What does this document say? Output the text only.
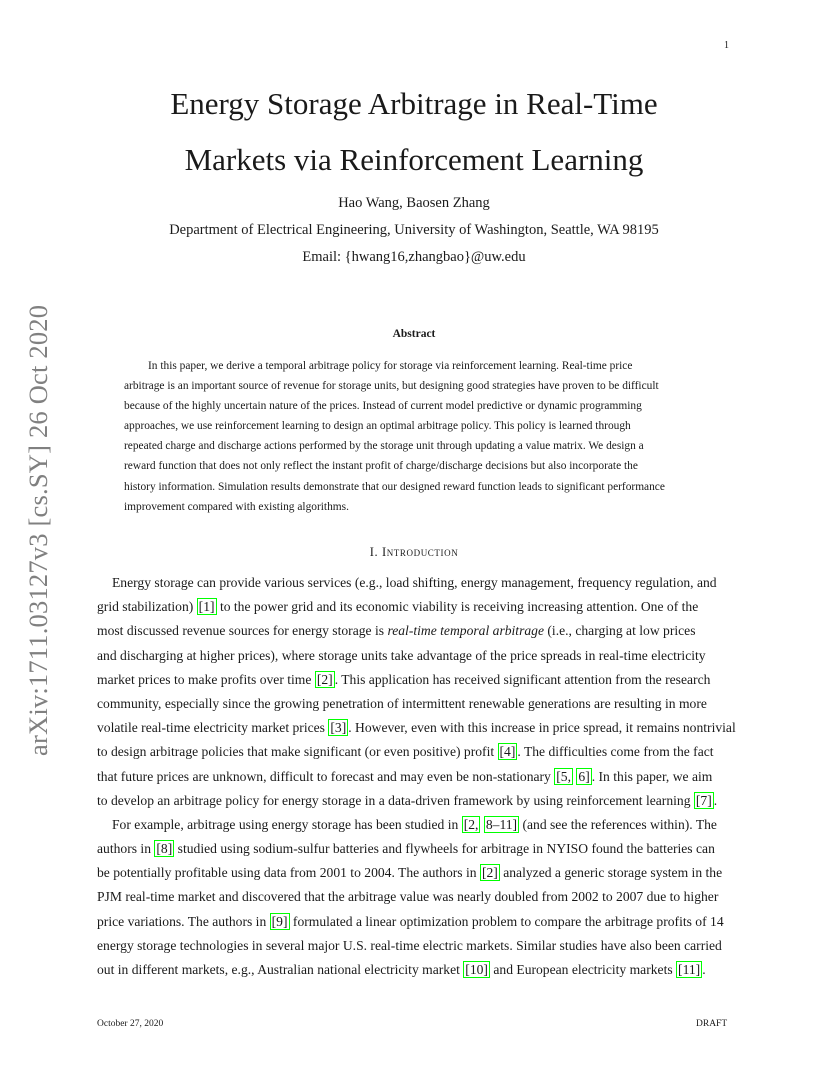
1
arXiv:1711.03127v3 [cs.SY] 26 Oct 2020
Energy Storage Arbitrage in Real-Time
Markets via Reinforcement Learning
Hao Wang, Baosen Zhang
Department of Electrical Engineering, University of Washington, Seattle, WA 98195
Email: {hwang16,zhangbao}@uw.edu
Abstract
In this paper, we derive a temporal arbitrage policy for storage via reinforcement learning. Real-time price
arbitrage is an important source of revenue for storage units, but designing good strategies have proven to be difficult
because of the highly uncertain nature of the prices. Instead of current model predictive or dynamic programming
approaches, we use reinforcement learning to design an optimal arbitrage policy. This policy is learned through
repeated charge and discharge actions performed by the storage unit through updating a value matrix. We design a
reward function that does not only reflect the instant profit of charge/discharge decisions but also incorporate the
history information. Simulation results demonstrate that our designed reward function leads to significant performance
improvement compared with existing algorithms.
I. Introduction
Energy storage can provide various services (e.g., load shifting, energy management, frequency regulation, and
grid stabilization) [1] to the power grid and its economic viability is receiving increasing attention. One of the
most discussed revenue sources for energy storage is real-time temporal arbitrage (i.e., charging at low prices
and discharging at higher prices), where storage units take advantage of the price spreads in real-time electricity
market prices to make profits over time [2] . This application has received significant attention from the research
community, especially since the growing penetration of intermittent renewable generations are resulting in more
volatile real-time electricity market prices [3] . However, even with this increase in price spread, it remains nontrivial
to design arbitrage policies that make significant (or even positive) profit [4] . The difficulties come from the fact
that future prices are unknown, difficult to forecast and may even be non-stationary [5, 6] . In this paper, we aim
to develop an arbitrage policy for energy storage in a data-driven framework by using reinforcement learning [7] .
For example, arbitrage using energy storage has been studied in [2, 8–11] (and see the references within). The
authors in [8] studied using sodium-sulfur batteries and flywheels for arbitrage in NYISO found the batteries can
be potentially profitable using data from 2001 to 2004. The authors in [2] analyzed a generic storage system in the
PJM real-time market and discovered that the arbitrage value was nearly doubled from 2002 to 2007 due to higher
price variations. The authors in [9] formulated a linear optimization problem to compare the arbitrage profits of 14
energy storage technologies in several major U.S. real-time electric markets. Similar studies have also been carried
out in different markets, e.g., Australian national electricity market [10] and European electricity markets [11] .
October 27, 2020	DRAFT
